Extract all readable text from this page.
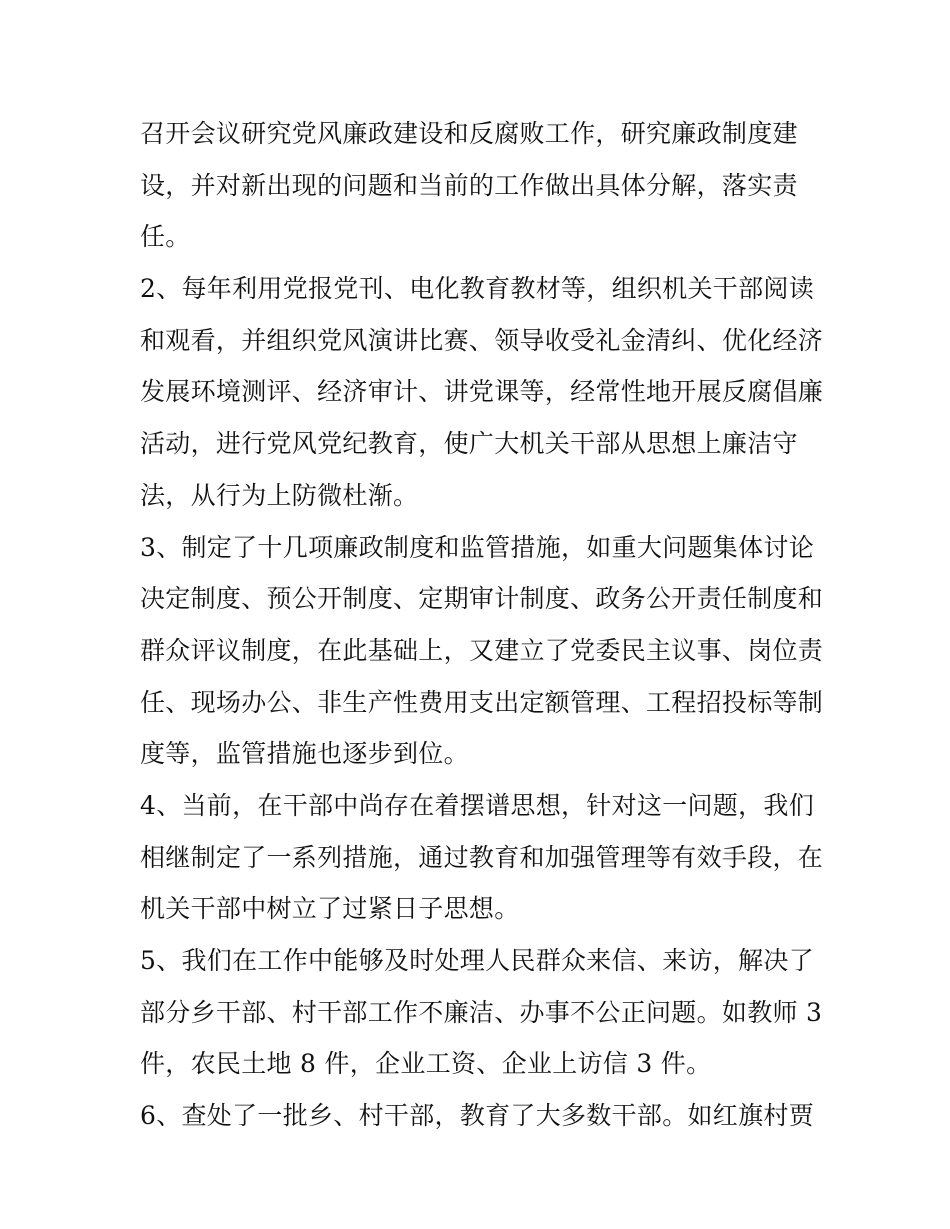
召开会议研究党风廉政建设和反腐败工作，研究廉政制度建
设，并对新出现的问题和当前的工作做出具体分解，落实责
任。
2、每年利用党报党刊、电化教育教材等，组织机关干部阅读
和观看，并组织党风演讲比赛、领导收受礼金清纠、优化经济
发展环境测评、经济审计、讲党课等，经常性地开展反腐倡廉
活动，进行党风党纪教育，使广大机关干部从思想上廉洁守
法，从行为上防微杜渐。
3、制定了十几项廉政制度和监管措施，如重大问题集体讨论
决定制度、预公开制度、定期审计制度、政务公开责任制度和
群众评议制度，在此基础上，又建立了党委民主议事、岗位责
任、现场办公、非生产性费用支出定额管理、工程招投标等制
度等，监管措施也逐步到位。
4、当前，在干部中尚存在着摆谱思想，针对这一问题，我们
相继制定了一系列措施，通过教育和加强管理等有效手段，在
机关干部中树立了过紧日子思想。
5、我们在工作中能够及时处理人民群众来信、来访，解决了
部分乡干部、村干部工作不廉洁、办事不公正问题。如教师 3
件，农民土地 8 件，企业工资、企业上访信 3 件。
6、查处了一批乡、村干部，教育了大多数干部。如红旗村贾
